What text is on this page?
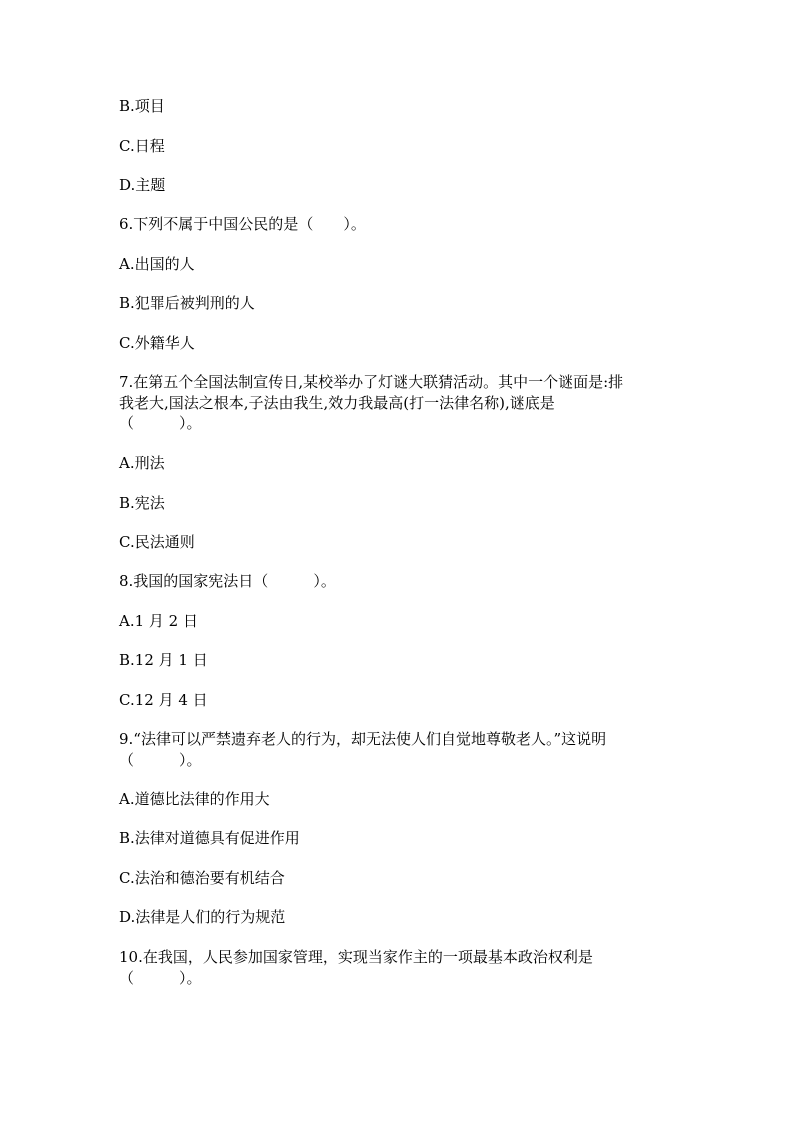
B.项目
C.日程
D.主题
6.下列不属于中国公民的是（　　）。
A.出国的人
B.犯罪后被判刑的人
C.外籍华人
7.在第五个全国法制宣传日,某校举办了灯谜大联猜活动。其中一个谜面是:排
我老大,国法之根本,子法由我生,效力我最高(打一法律名称),谜底是
（　　　）。
A.刑法
B.宪法
C.民法通则
8.我国的国家宪法日（　　　）。
A.1 月 2 日
B.12 月 1 日
C.12 月 4 日
9.“法律可以严禁遗弃老人的行为，却无法使人们自觉地尊敬老人。”这说明
（　　　）。
A.道德比法律的作用大
B.法律对道德具有促进作用
C.法治和德治要有机结合
D.法律是人们的行为规范
10.在我国，人民参加国家管理，实现当家作主的一项最基本政治权利是
（　　　）。
